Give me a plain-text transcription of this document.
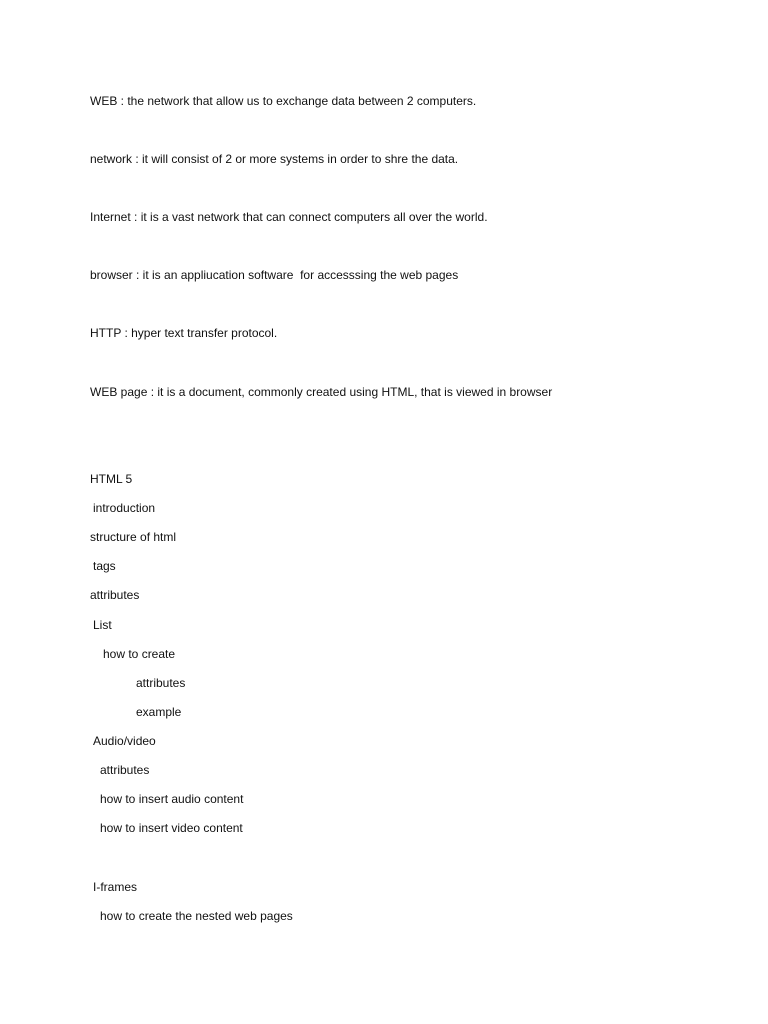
WEB : the network that allow us to exchange data between 2 computers.
network : it will consist of 2 or more systems in order to shre the data.
Internet : it is a vast network that can connect computers all over the world.
browser : it is an appliucation software  for accesssing the web pages
HTTP : hyper text transfer protocol.
WEB page : it is a document, commonly created using HTML, that is viewed in browser
HTML 5
introduction
structure of html
tags
attributes
List
how to create
attributes
example
Audio/video
attributes
how to insert audio content
how to insert video content
I-frames
how to create the nested web pages
